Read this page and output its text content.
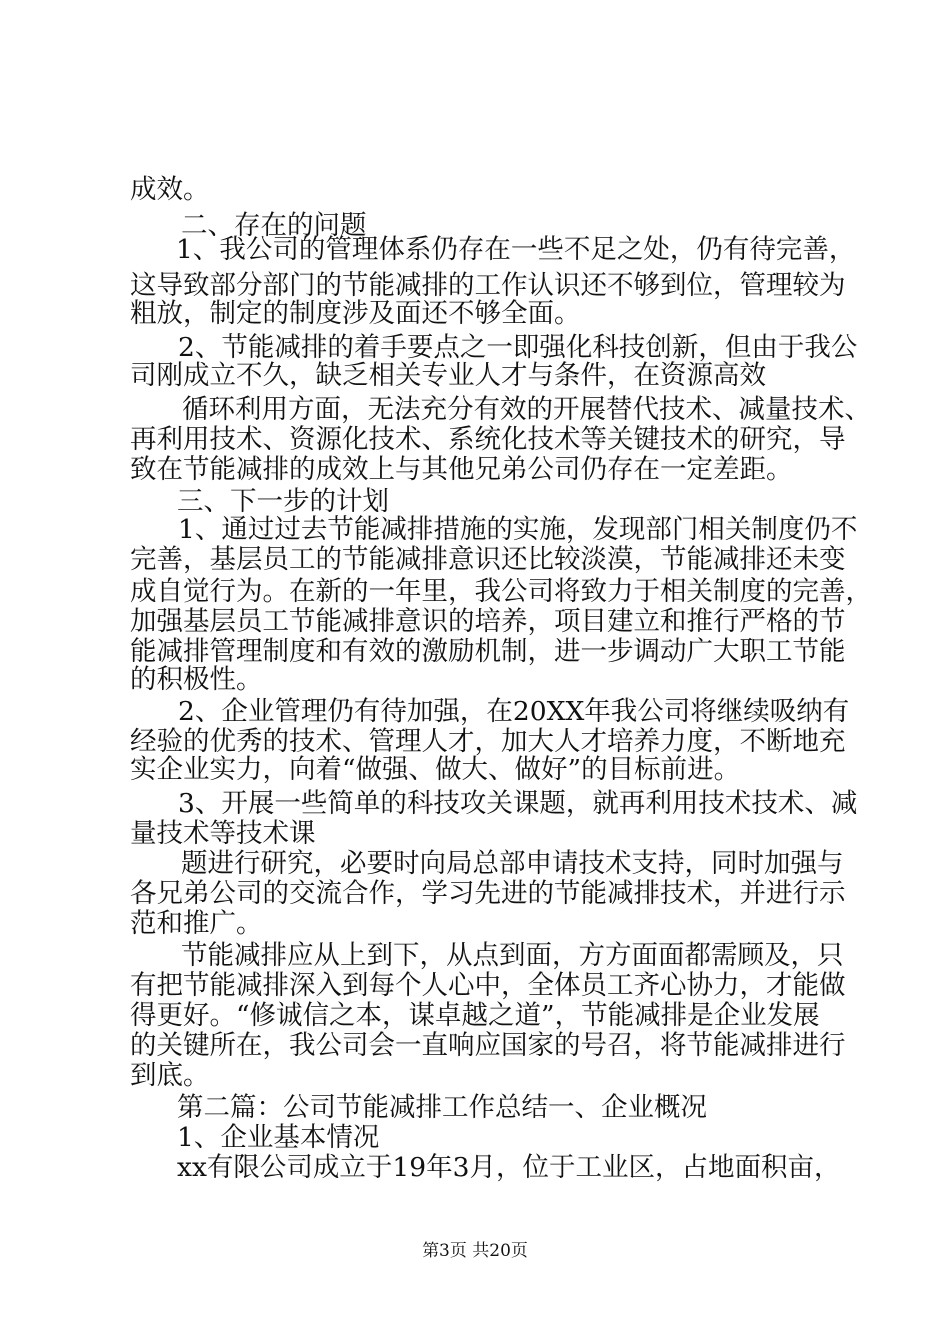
成效。
二、存在的问题
1、我公司的管理体系仍存在一些不足之处，仍有待完善，
这导致部分部门的节能减排的工作认识还不够到位，管理较为
粗放，制定的制度涉及面还不够全面。
2、节能减排的着手要点之一即强化科技创新，但由于我公
司刚成立不久，缺乏相关专业人才与条件，在资源高效
循环利用方面，无法充分有效的开展替代技术、减量技术、
再利用技术、资源化技术、系统化技术等关键技术的研究，导
致在节能减排的成效上与其他兄弟公司仍存在一定差距。
三、下一步的计划
1、通过过去节能减排措施的实施，发现部门相关制度仍不
完善，基层员工的节能减排意识还比较淡漠，节能减排还未变
成自觉行为。在新的一年里，我公司将致力于相关制度的完善，
加强基层员工节能减排意识的培养，项目建立和推行严格的节
能减排管理制度和有效的激励机制，进一步调动广大职工节能
的积极性。
2、企业管理仍有待加强，在20XX年我公司将继续吸纳有
经验的优秀的技术、管理人才，加大人才培养力度，不断地充
实企业实力，向着“做强、做大、做好”的目标前进。
3、开展一些简单的科技攻关课题，就再利用技术技术、减
量技术等技术课
题进行研究，必要时向局总部申请技术支持，同时加强与
各兄弟公司的交流合作，学习先进的节能减排技术，并进行示
范和推广。
节能减排应从上到下，从点到面，方方面面都需顾及，只
有把节能减排深入到每个人心中，全体员工齐心协力，才能做
得更好。“修诚信之本，谋卓越之道”，节能减排是企业发展
的关键所在，我公司会一直响应国家的号召，将节能减排进行
到底。
第二篇：公司节能减排工作总结一、企业概况
1、企业基本情况
xx有限公司成立于19年3月，位于工业区，占地面积亩，
第3页 共20页
